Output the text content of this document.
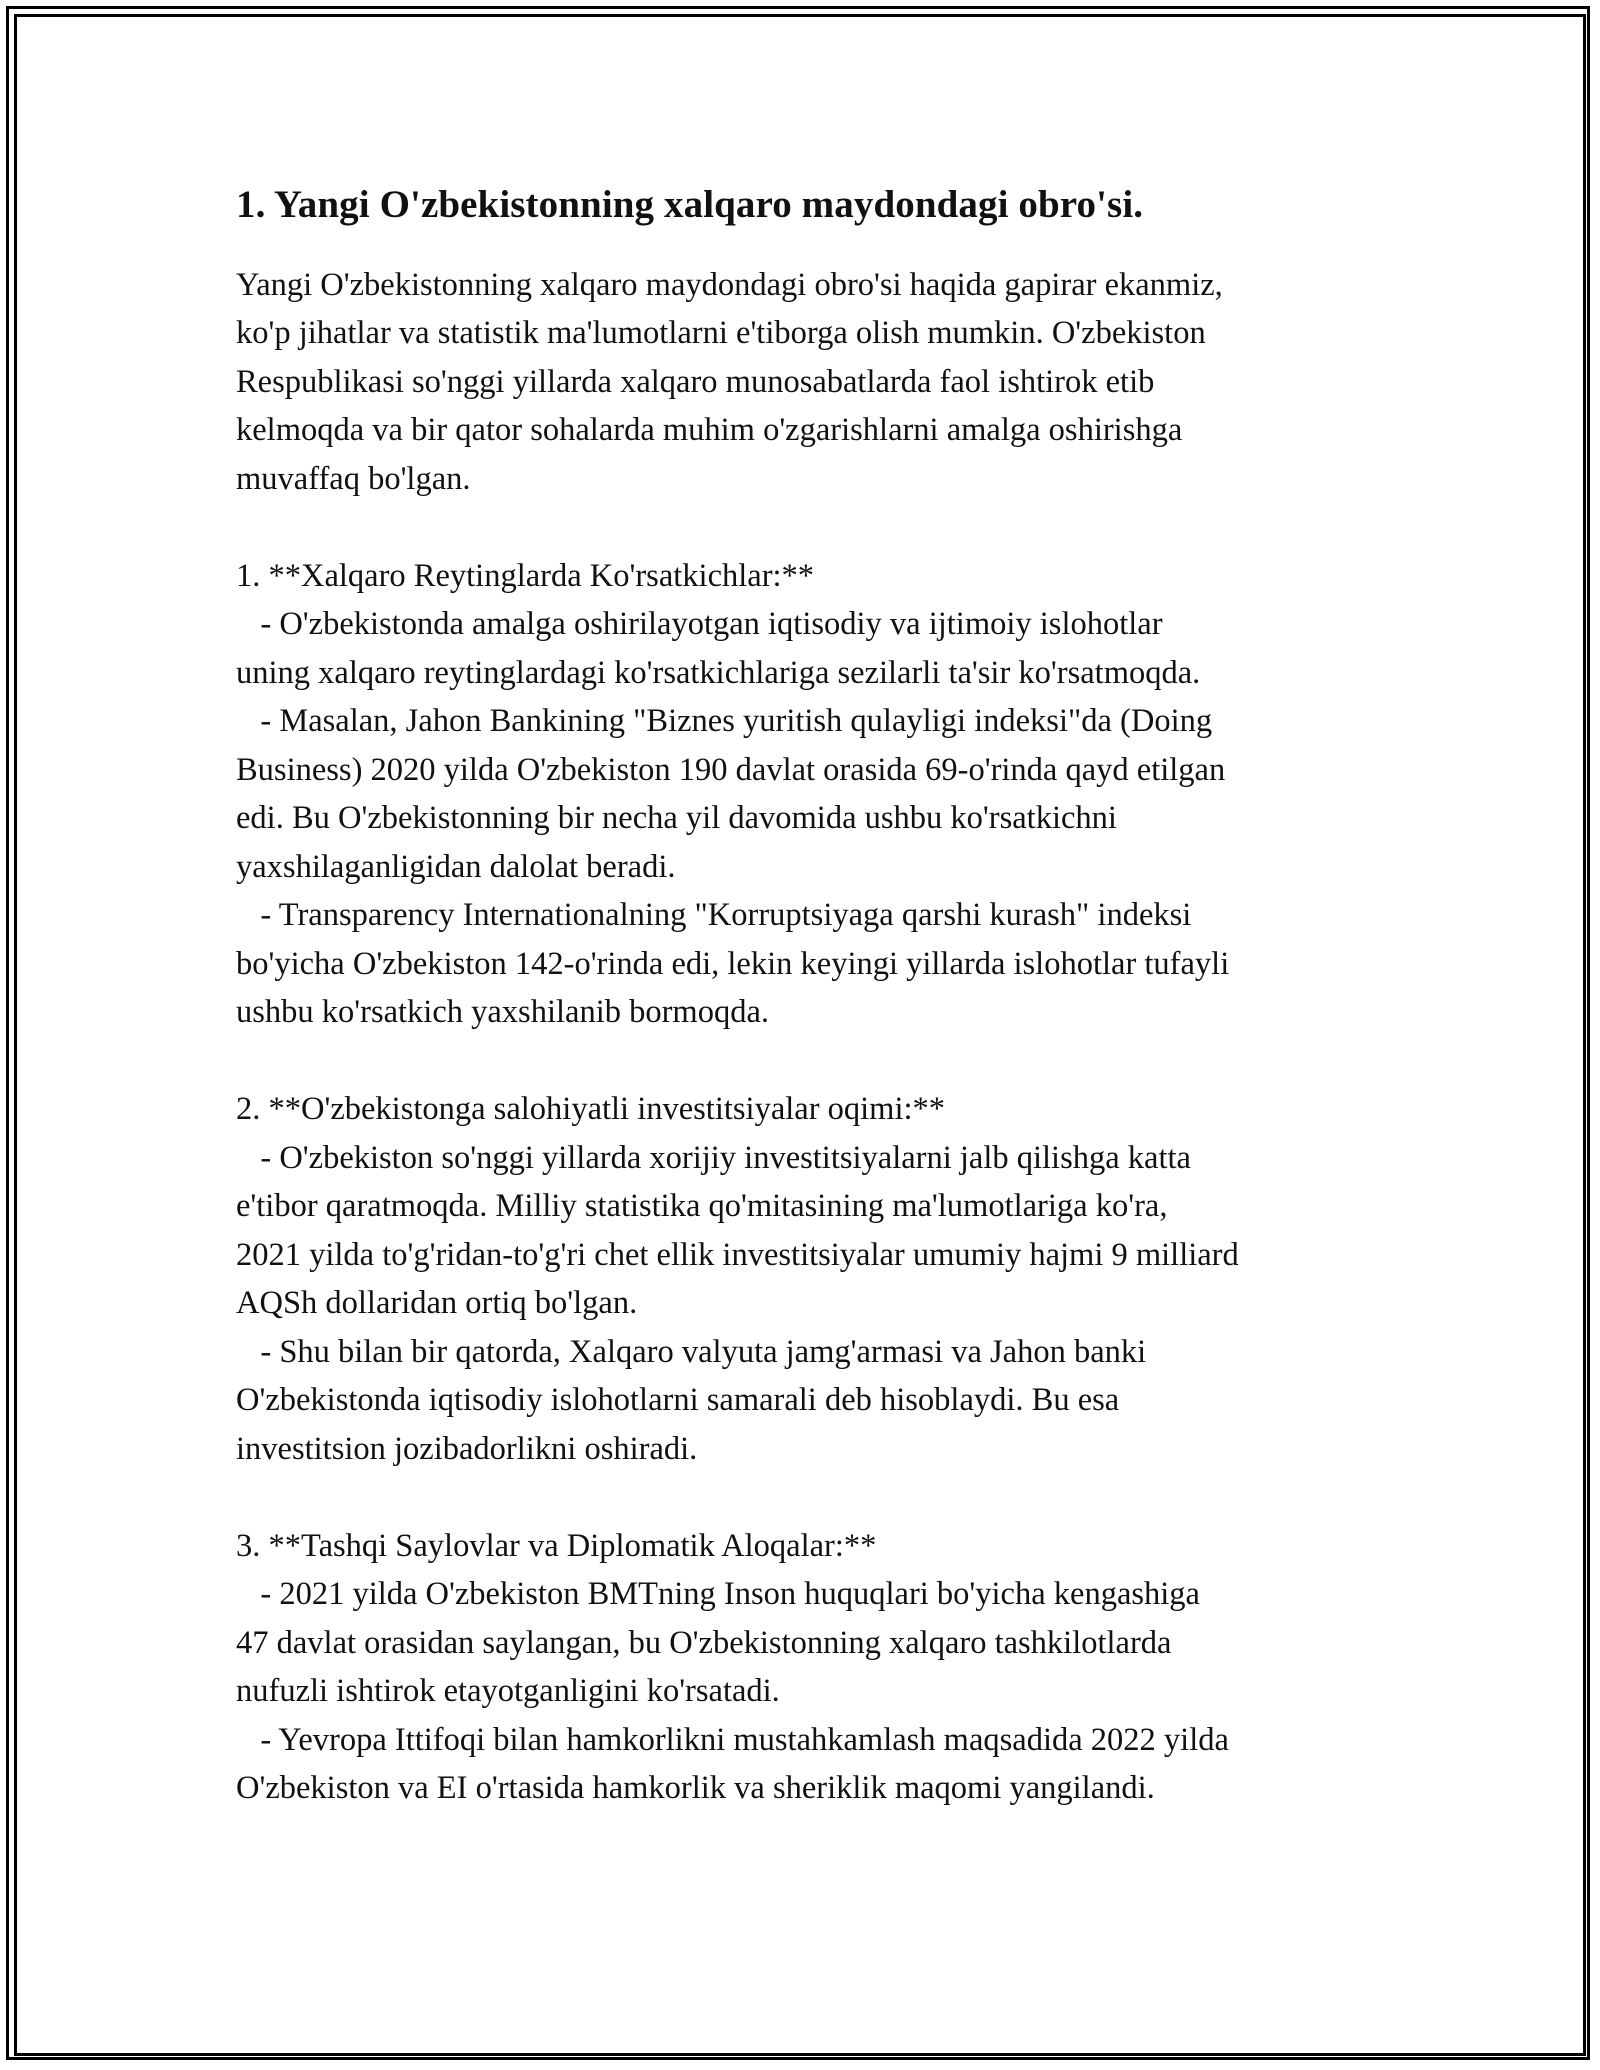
1. Yangi O'zbekistonning xalqaro maydondagi obro'si.

Yangi O'zbekistonning xalqaro maydondagi obro'si haqida gapirar ekanmiz,
ko'p jihatlar va statistik ma'lumotlarni e'tiborga olish mumkin. O'zbekiston
Respublikasi so'nggi yillarda xalqaro munosabatlarda faol ishtirok etib
kelmoqda va bir qator sohalarda muhim o'zgarishlarni amalga oshirishga
muvaffaq bo'lgan.

1. **Xalqaro Reytinglarda Ko'rsatkichlar:**
- O'zbekistonda amalga oshirilayotgan iqtisodiy va ijtimoiy islohotlar
uning xalqaro reytinglardagi ko'rsatkichlariga sezilarli ta'sir ko'rsatmoqda.
- Masalan, Jahon Bankining "Biznes yuritish qulayligi indeksi"da (Doing
Business) 2020 yilda O'zbekiston 190 davlat orasida 69-o'rinda qayd etilgan
edi. Bu O'zbekistonning bir necha yil davomida ushbu ko'rsatkichni
yaxshilaganligidan dalolat beradi.
- Transparency Internationalning "Korruptsiyaga qarshi kurash" indeksi
bo'yicha O'zbekiston 142-o'rinda edi, lekin keyingi yillarda islohotlar tufayli
ushbu ko'rsatkich yaxshilanib bormoqda.

2. **O'zbekistonga salohiyatli investitsiyalar oqimi:**
- O'zbekiston so'nggi yillarda xorijiy investitsiyalarni jalb qilishga katta
e'tibor qaratmoqda. Milliy statistika qo'mitasining ma'lumotlariga ko'ra,
2021 yilda to'g'ridan-to'g'ri chet ellik investitsiyalar umumiy hajmi 9 milliard
AQSh dollaridan ortiq bo'lgan.
- Shu bilan bir qatorda, Xalqaro valyuta jamg'armasi va Jahon banki
O'zbekistonda iqtisodiy islohotlarni samarali deb hisoblaydi. Bu esa
investitsion jozibadorlikni oshiradi.

3. **Tashqi Saylovlar va Diplomatik Aloqalar:**
- 2021 yilda O'zbekiston BMTning Inson huquqlari bo'yicha kengashiga
47 davlat orasidan saylangan, bu O'zbekistonning xalqaro tashkilotlarda
nufuzli ishtirok etayotganligini ko'rsatadi.
- Yevropa Ittifoqi bilan hamkorlikni mustahkamlash maqsadida 2022 yilda
O'zbekiston va EI o'rtasida hamkorlik va sheriklik maqomi yangilandi.
